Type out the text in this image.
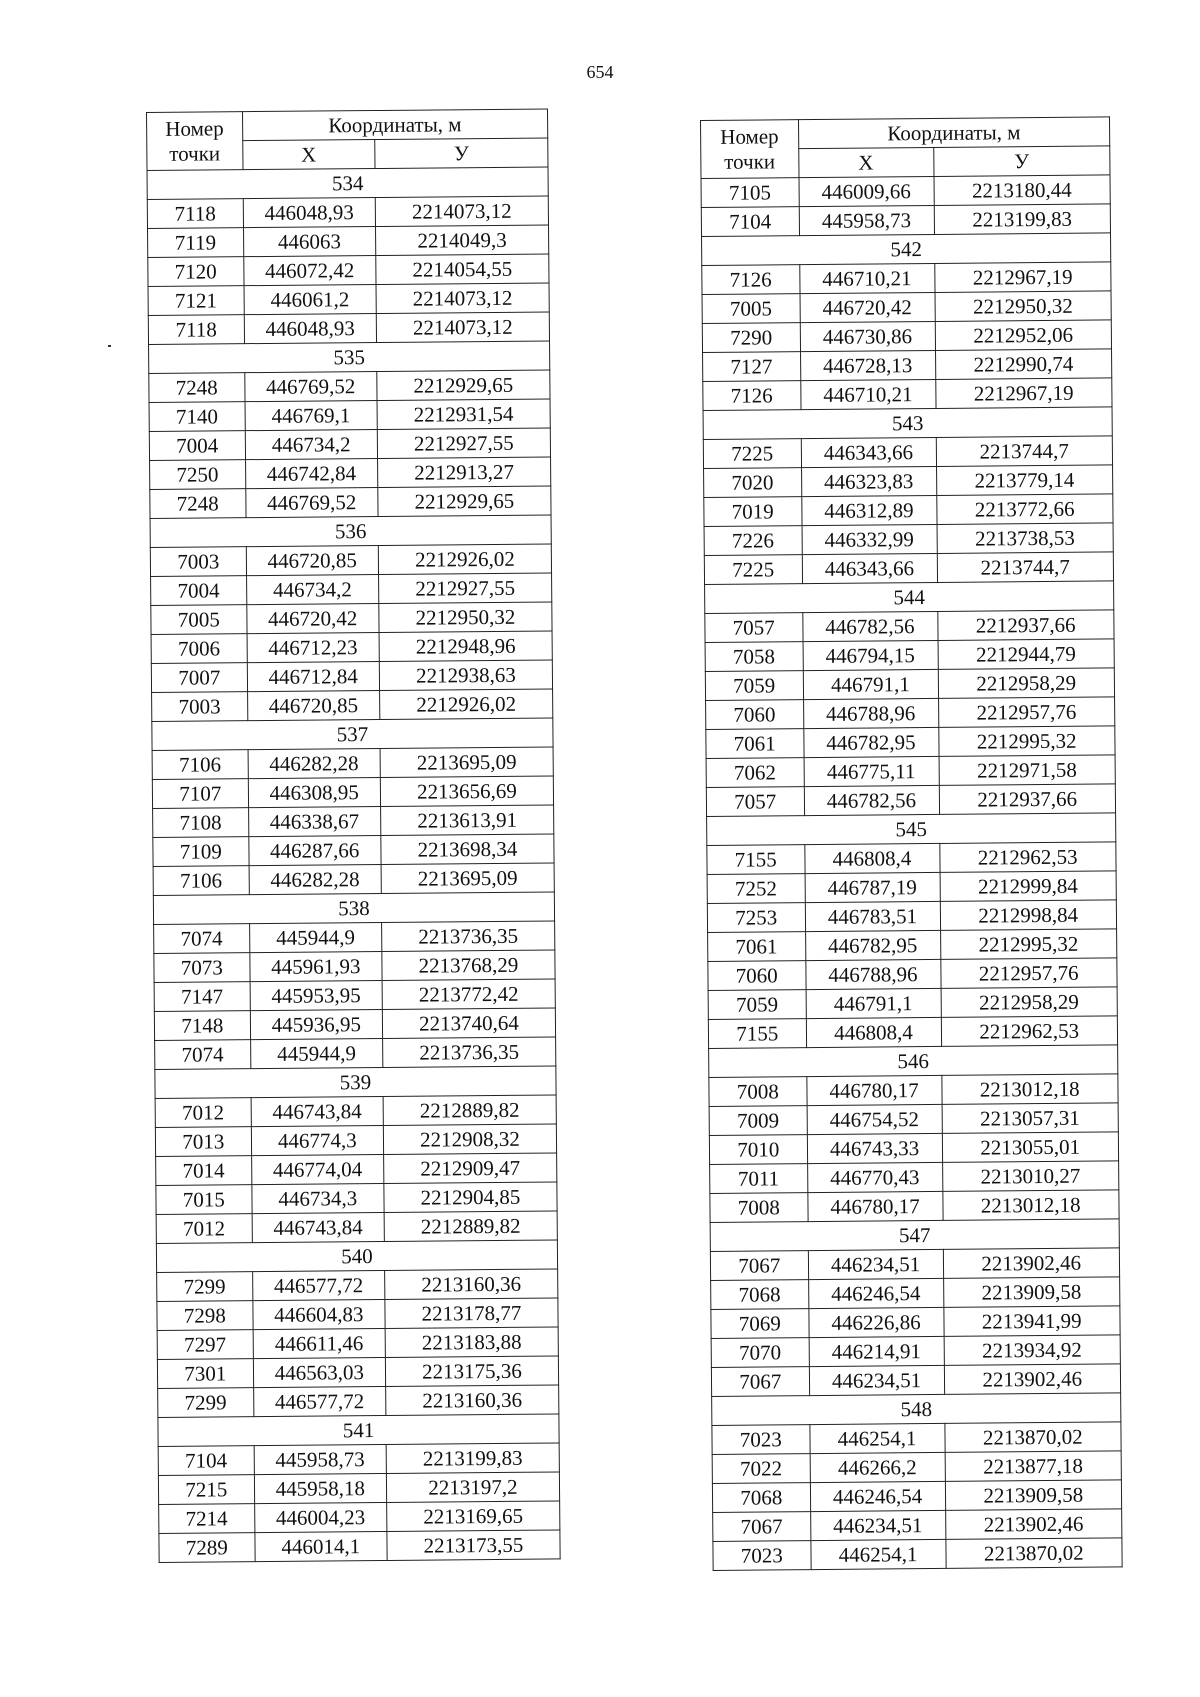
654
Номер точки	Координаты, м	
	X	У
534		
7118	446048,93	2214073,12
7119	446063	2214049,3
7120	446072,42	2214054,55
7121	446061,2	2214073,12
7118	446048,93	2214073,12
535		
7248	446769,52	2212929,65
7140	446769,1	2212931,54
7004	446734,2	2212927,55
7250	446742,84	2212913,27
7248	446769,52	2212929,65
536		
7003	446720,85	2212926,02
7004	446734,2	2212927,55
7005	446720,42	2212950,32
7006	446712,23	2212948,96
7007	446712,84	2212938,63
7003	446720,85	2212926,02
537		
7106	446282,28	2213695,09
7107	446308,95	2213656,69
7108	446338,67	2213613,91
7109	446287,66	2213698,34
7106	446282,28	2213695,09
538		
7074	445944,9	2213736,35
7073	445961,93	2213768,29
7147	445953,95	2213772,42
7148	445936,95	2213740,64
7074	445944,9	2213736,35
539		
7012	446743,84	2212889,82
7013	446774,3	2212908,32
7014	446774,04	2212909,47
7015	446734,3	2212904,85
7012	446743,84	2212889,82
540		
7299	446577,72	2213160,36
7298	446604,83	2213178,77
7297	446611,46	2213183,88
7301	446563,03	2213175,36
7299	446577,72	2213160,36
541		
7104	445958,73	2213199,83
7215	445958,18	2213197,2
7214	446004,23	2213169,65
7289	446014,1	2213173,55
Номер точки	Координаты, м	
	X	У
7105	446009,66	2213180,44
7104	445958,73	2213199,83
542		
7126	446710,21	2212967,19
7005	446720,42	2212950,32
7290	446730,86	2212952,06
7127	446728,13	2212990,74
7126	446710,21	2212967,19
543		
7225	446343,66	2213744,7
7020	446323,83	2213779,14
7019	446312,89	2213772,66
7226	446332,99	2213738,53
7225	446343,66	2213744,7
544		
7057	446782,56	2212937,66
7058	446794,15	2212944,79
7059	446791,1	2212958,29
7060	446788,96	2212957,76
7061	446782,95	2212995,32
7062	446775,11	2212971,58
7057	446782,56	2212937,66
545		
7155	446808,4	2212962,53
7252	446787,19	2212999,84
7253	446783,51	2212998,84
7061	446782,95	2212995,32
7060	446788,96	2212957,76
7059	446791,1	2212958,29
7155	446808,4	2212962,53
546		
7008	446780,17	2213012,18
7009	446754,52	2213057,31
7010	446743,33	2213055,01
7011	446770,43	2213010,27
7008	446780,17	2213012,18
547		
7067	446234,51	2213902,46
7068	446246,54	2213909,58
7069	446226,86	2213941,99
7070	446214,91	2213934,92
7067	446234,51	2213902,46
548		
7023	446254,1	2213870,02
7022	446266,2	2213877,18
7068	446246,54	2213909,58
7067	446234,51	2213902,46
7023	446254,1	2213870,02
